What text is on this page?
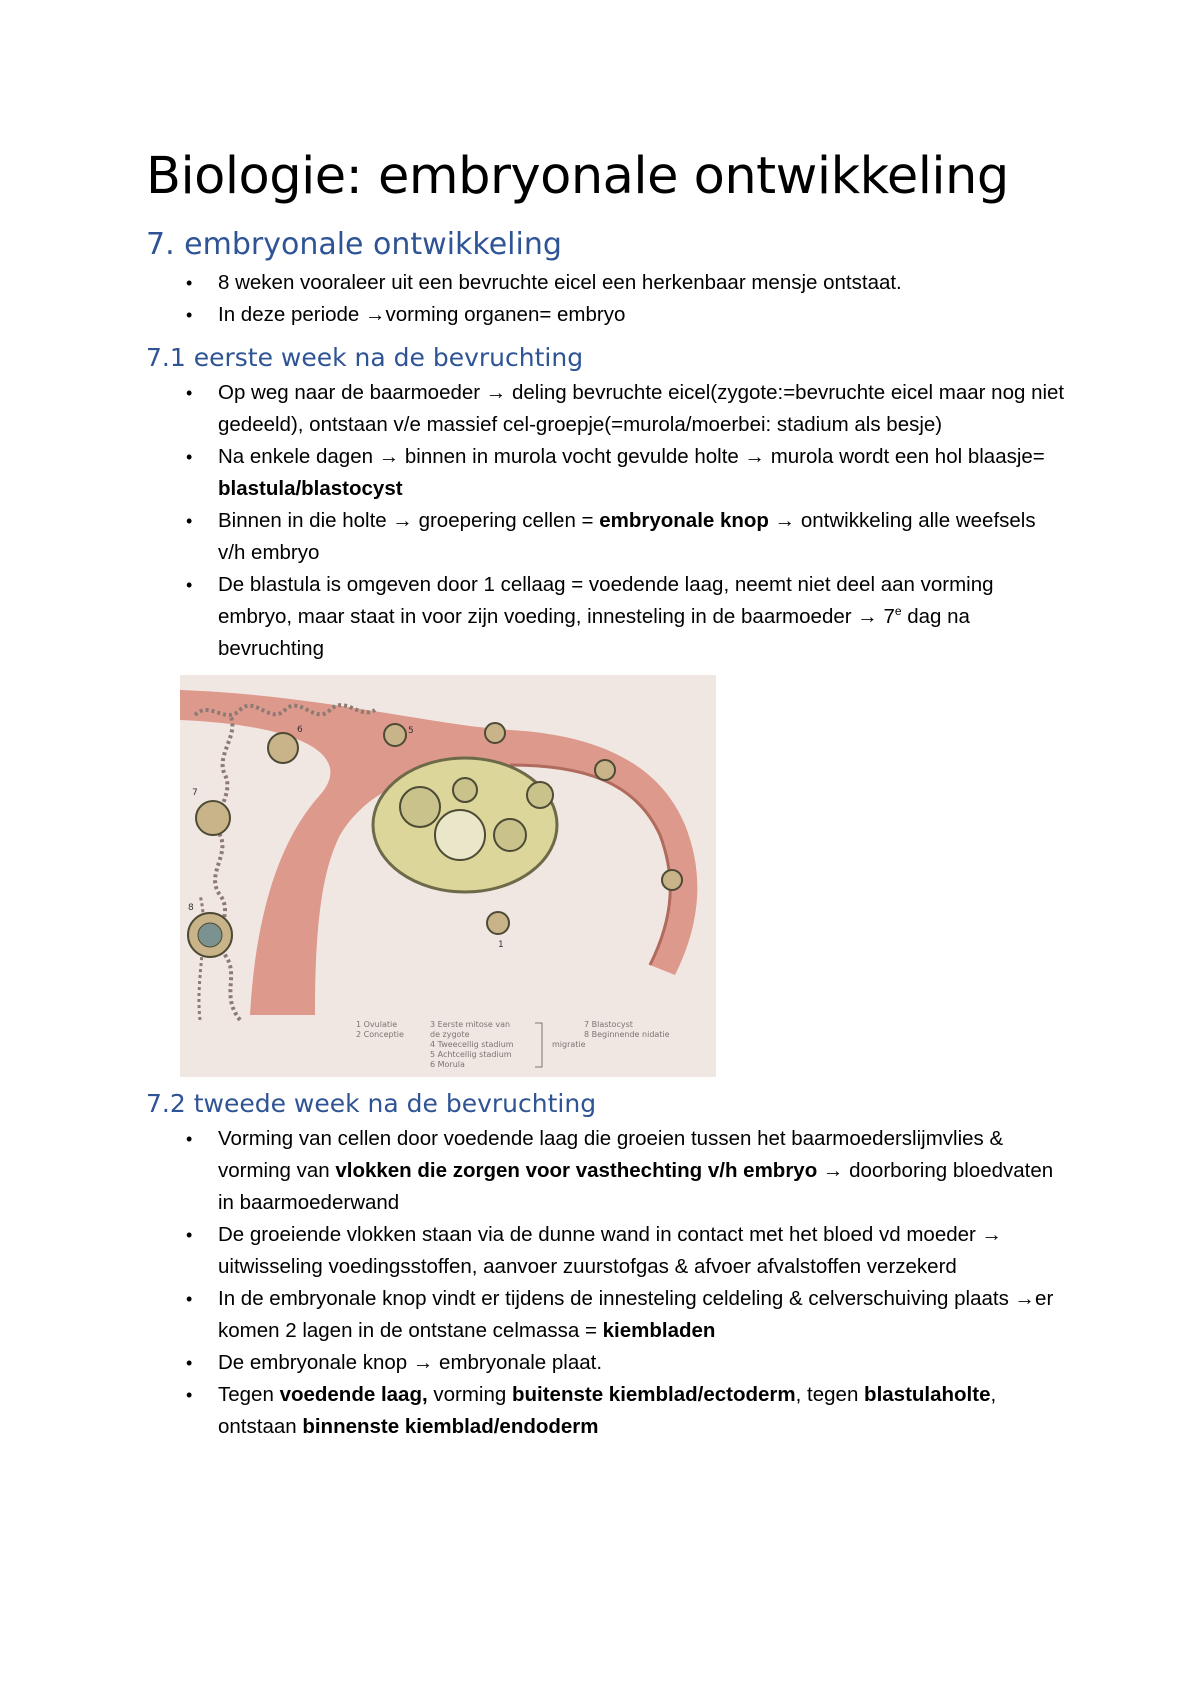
Biologie: embryonale ontwikkeling
7. embryonale ontwikkeling
• 8 weken vooraleer uit een bevruchte eicel een herkenbaar mensje ontstaat.
• In deze periode →vorming organen= embryo
7.1 eerste week na de bevruchting
• Op weg naar de baarmoeder → deling bevruchte eicel(zygote:=bevruchte eicel maar nog niet gedeeld), ontstaan v/e massief cel-groepje(=murola/moerbei: stadium als besje)
• Na enkele dagen → binnen in murola vocht gevulde holte → murola wordt een hol blaasje= blastula/blastocyst
• Binnen in die holte → groepering cellen = embryonale knop → ontwikkeling alle weefsels v/h embryo
• De blastula is omgeven door 1 cellaag = voedende laag, neemt niet deel aan vorming embryo, maar staat in voor zijn voeding, innesteling in de baarmoeder → $7^e$ dag na bevruchting
6	5
7
8
1
1 Ovulatie
2 Conceptie
3 Eerste mitose van
de zygote
4 Tweecellig stadium
5 Achtcellig stadium
6 Morula
migratie
7 Blastocyst
8 Beginnende nidatie
7.2 tweede week na de bevruchting
• Vorming van cellen door voedende laag die groeien tussen het baarmoederslijmvlies & vorming van vlokken die zorgen voor vasthechting v/h embryo → doorboring bloedvaten in baarmoederwand
• De groeiende vlokken staan via de dunne wand in contact met het bloed vd moeder → uitwisseling voedingsstoffen, aanvoer zuurstofgas & afvoer afvalstoffen verzekerd
• In de embryonale knop vindt er tijdens de innesteling celdeling & celverschuiving plaats →er komen 2 lagen in de ontstane celmassa = kiembladen
• De embryonale knop → embryonale plaat.
• Tegen voedende laag, vorming buitenste kiemblad/ectoderm, tegen blastulaholte, ontstaan binnenste kiemblad/endoderm
